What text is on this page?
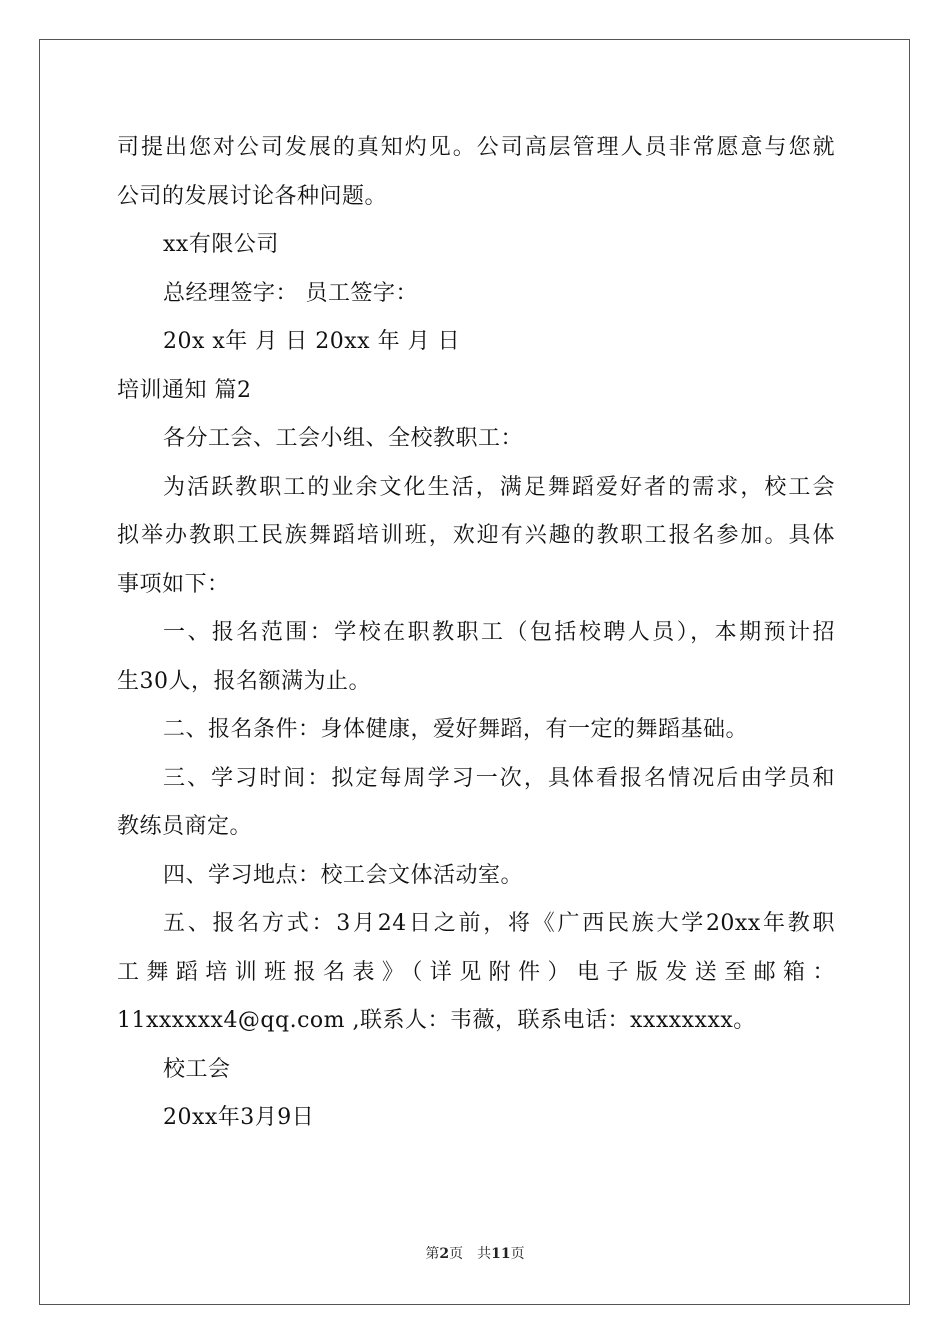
司提出您对公司发展的真知灼见。公司高层管理人员非常愿意与您就
公司的发展讨论各种问题。
xx有限公司
总经理签字： 员工签字：
20x x年 月 日 20xx 年 月 日
培训通知 篇2
各分工会、工会小组、全校教职工：
为活跃教职工的业余文化生活，满足舞蹈爱好者的需求，校工会
拟举办教职工民族舞蹈培训班，欢迎有兴趣的教职工报名参加。具体
事项如下：
一、报名范围：学校在职教职工（包括校聘人员），本期预计招
生30人，报名额满为止。
二、报名条件：身体健康，爱好舞蹈，有一定的舞蹈基础。
三、学习时间：拟定每周学习一次，具体看报名情况后由学员和
教练员商定。
四、学习地点：校工会文体活动室。
五、报名方式：3月24日之前，将《广西民族大学20xx年教职
工舞蹈培训班报名表》（详见附件）电子版发送至邮箱：
11xxxxxx4@qq.com ,联系人：韦薇，联系电话：xxxxxxxx。
校工会
20xx年3月9日
第2页 共11页
